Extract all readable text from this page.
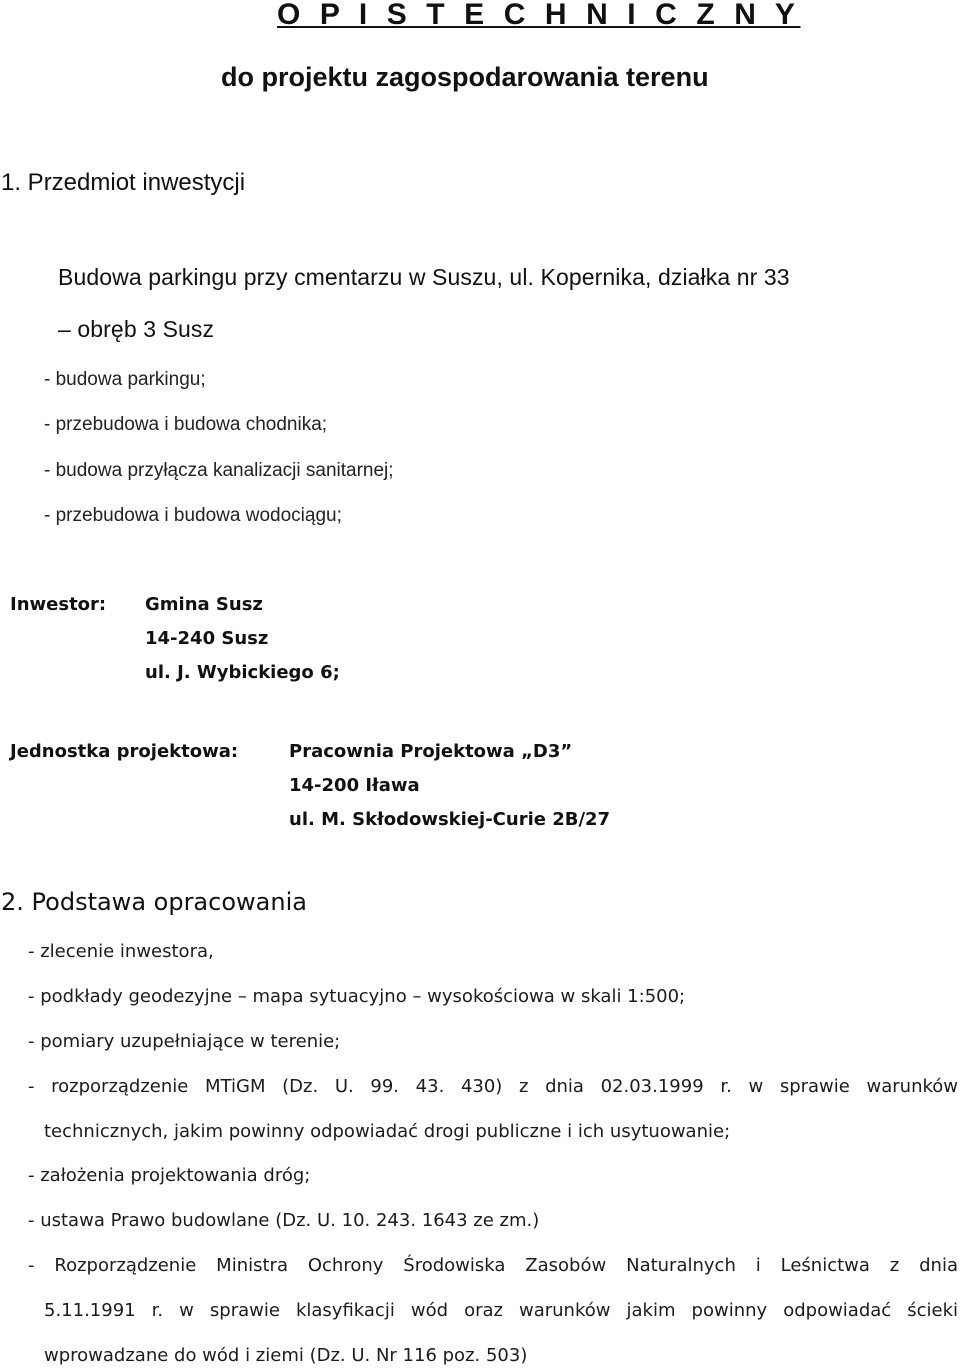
O P I S T E C H N I C Z N Y
do projektu zagospodarowania terenu
1. Przedmiot inwestycji
Budowa parkingu przy cmentarzu w Suszu, ul. Kopernika, działka nr 33
– obręb 3 Susz
- budowa parkingu;
- przebudowa i budowa chodnika;
- budowa przyłącza kanalizacji sanitarnej;
- przebudowa i budowa wodociągu;
Inwestor: Gmina Susz
14-240 Susz
ul. J. Wybickiego 6;
Jednostka projektowa:	Pracownia Projektowa „D3”
14-200 Iława
ul. M. Skłodowskiej-Curie 2B/27
2. Podstawa opracowania
- zlecenie inwestora,
- podkłady geodezyjne – mapa sytuacyjno – wysokościowa w skali 1:500;
- pomiary uzupełniające w terenie;
- rozporządzenie MTiGM (Dz. U. 99. 43. 430) z dnia 02.03.1999 r. w sprawie warunków
technicznych, jakim powinny odpowiadać drogi publiczne i ich usytuowanie;
- założenia projektowania dróg;
- ustawa Prawo budowlane (Dz. U. 10. 243. 1643 ze zm.)
- Rozporządzenie Ministra Ochrony Środowiska Zasobów Naturalnych i Leśnictwa z dnia
5.11.1991 r. w sprawie klasyfikacji wód oraz warunków jakim powinny odpowiadać ścieki
wprowadzane do wód i ziemi (Dz. U. Nr 116 poz. 503)
